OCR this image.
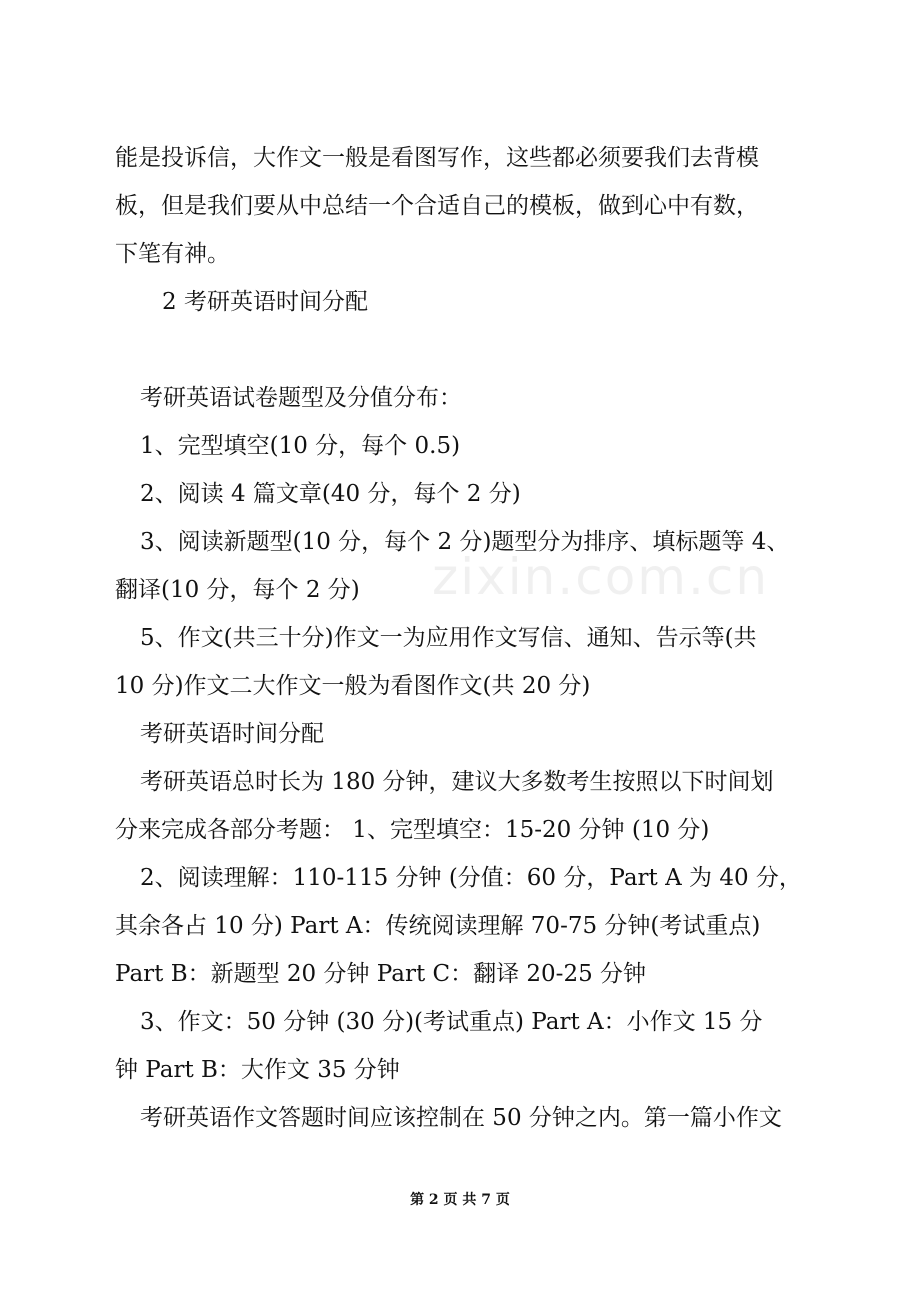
zixin.com.cn
能是投诉信，大作文一般是看图写作，这些都必须要我们去背模
板，但是我们要从中总结一个合适自己的模板，做到心中有数，
下笔有神。
2 考研英语时间分配
考研英语试卷题型及分值分布：
1、完型填空(10 分，每个 0.5)
2、阅读 4 篇文章(40 分，每个 2 分)
3、阅读新题型(10 分，每个 2 分)题型分为排序、填标题等 4、
翻译(10 分，每个 2 分)
5、作文(共三十分)作文一为应用作文写信、通知、告示等(共
10 分)作文二大作文一般为看图作文(共 20 分)
考研英语时间分配
考研英语总时长为 180 分钟，建议大多数考生按照以下时间划
分来完成各部分考题： 1、完型填空：15-20 分钟 (10 分)
2、阅读理解：110-115 分钟 (分值：60 分，Part A 为 40 分，
其余各占 10 分) Part A：传统阅读理解 70-75 分钟(考试重点)
Part B：新题型 20 分钟 Part C：翻译 20-25 分钟
3、作文：50 分钟 (30 分)(考试重点) Part A：小作文 15 分
钟 Part B：大作文 35 分钟
考研英语作文答题时间应该控制在 50 分钟之内。第一篇小作文
第 2 页 共 7 页
